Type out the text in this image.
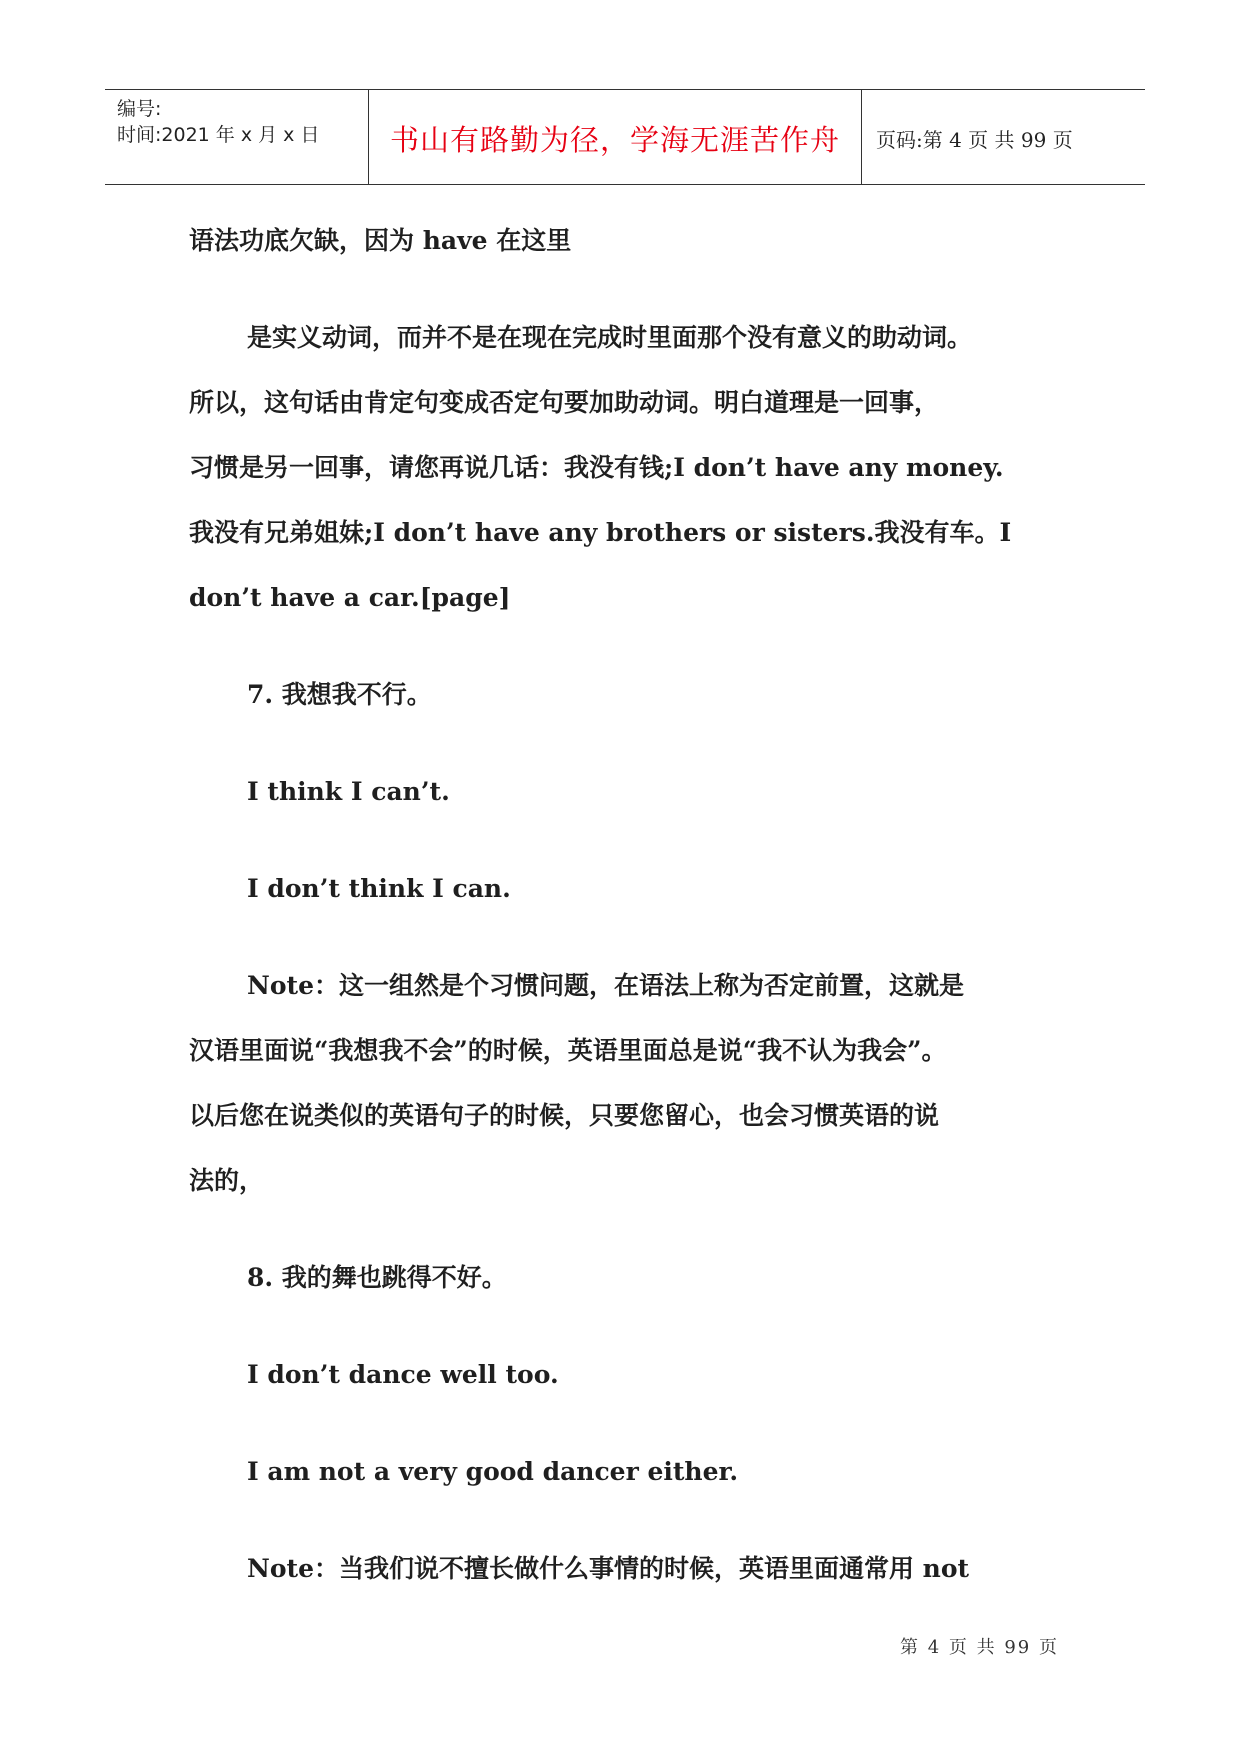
编号:
时间:2021 年 x 月 x 日	书山有路勤为径，学海无涯苦作舟	页码:第 4 页 共 99 页

语法功底欠缺，因为 have 在这里

是实义动词，而并不是在现在完成时里面那个没有意义的助动词。

所以，这句话由肯定句变成否定句要加助动词。明白道理是一回事，

习惯是另一回事，请您再说几话：我没有钱;I don’t have any money.

我没有兄弟姐妹;I don’t have any brothers or sisters.我没有车。I

don’t have a car.[page]

7. 我想我不行。

I think I can’t.

I don’t think I can.

Note：这一组然是个习惯问题，在语法上称为否定前置，这就是

汉语里面说“我想我不会”的时候，英语里面总是说“我不认为我会”。

以后您在说类似的英语句子的时候，只要您留心，也会习惯英语的说

法的，

8. 我的舞也跳得不好。

I don’t dance well too.

I am not a very good dancer either.

Note：当我们说不擅长做什么事情的时候，英语里面通常用 not

第 4 页 共 99 页
